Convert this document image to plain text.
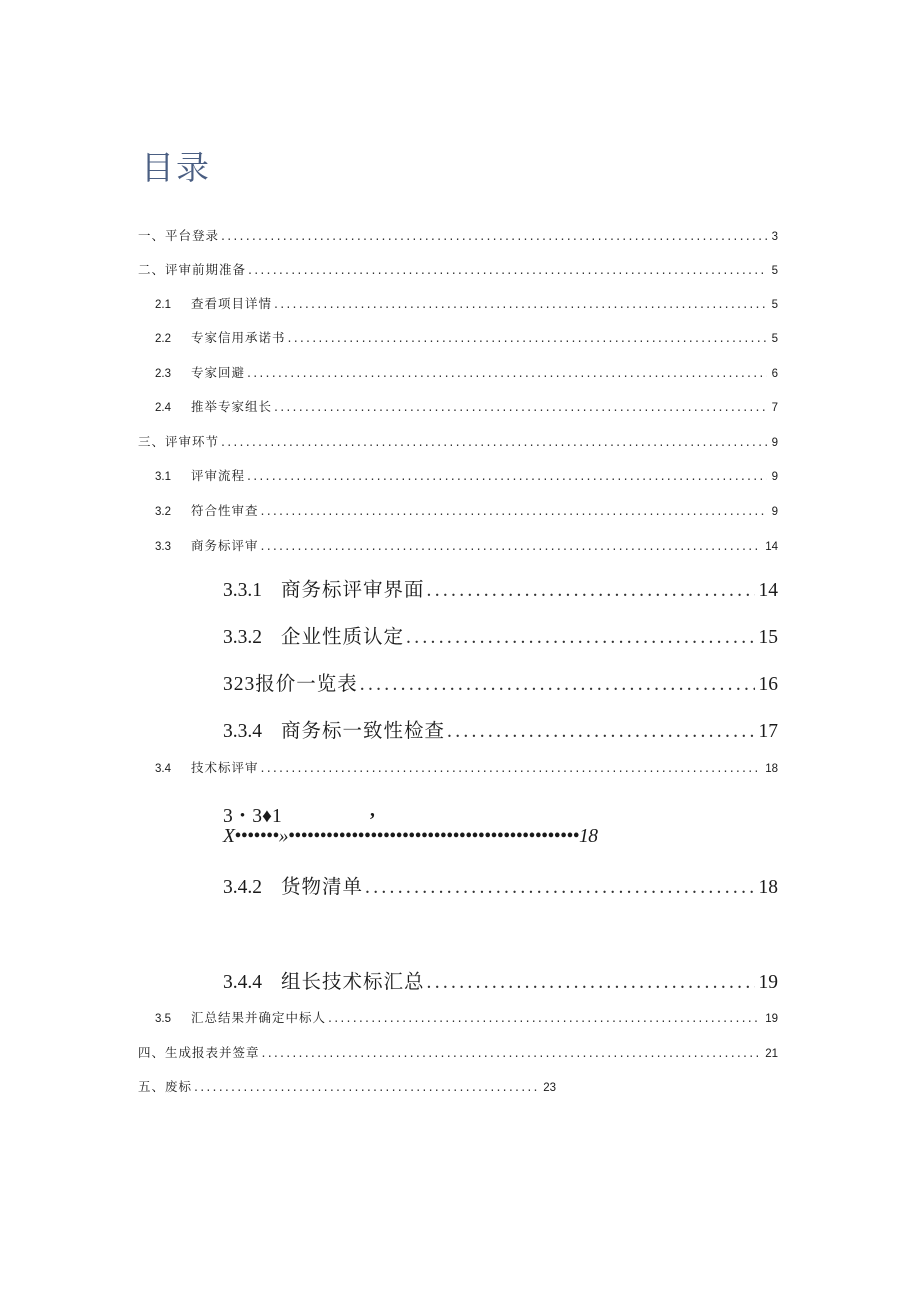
目录
一、平台登录 .....	3
二、评审前期准备 .....	5
2.1	查看项目详情 .....	5
2.2	专家信用承诺书 .....	5
2.3	专家回避 .....	6
2.4	推举专家组长 .....	7
三、评审环节 .....	9
3.1	评审流程 .....	9
3.2	符合性审查 .....	9
3.3	商务标评审 .....	14
3.3.1 商务标评审界面 .....	14
3.3.2 企业性质认定 .....	15
323报价一览表 .....	16
3.3.4 商务标一致性检查 .....	17
3.4	技术标评审 .....	18
3・3♦1	,
X•••••••»••••••••••••••••••••••••••••••••••••••••••••••18
3.4.2 货物清单 .....	18
3.4.4 组长技术标汇总 .....	19
3.5	汇总结果并确定中标人 .....	19
四、生成报表并签章 .....	21
五、废标 .....	23
